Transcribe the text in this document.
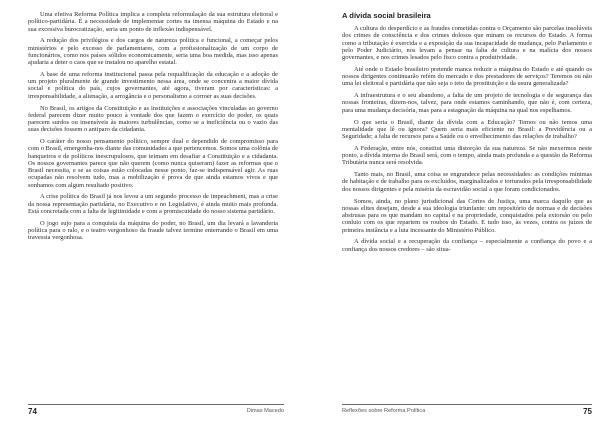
Uma efetiva Reforma Política implica a completa reformulação da sua estrutura eleitoral e político-partidária. É a necessidade de implementar cortes na imensa máquina do Estado e na sua excessiva burocratização, seria um ponto de inflexão indispensável.

A redução dos privilégios e dos cargos de natureza política e funcional, a começar pelos ministérios e pelo excesso de parlamentares, com a profissionalização de um corpo de funcionários, como nos países sólidos economicamente, seria uma boa medida, mas isso apenas ajudaria a deter o caos que se instalou no aparelho estatal.

A base de uma reforma institucional passa pela requalificação da educação e a adoção de um projeto pluralmente de grande investimento nessa área, onde se concentra a maior dívida social e política do país, cujos governantes, até agora, tiveram por características: a irresponsabilidade, a alienação, a arrogância e o personalismo a corroer as suas decisões.

No Brasil, os artigos da Constituição e as instituições e associações vinculadas ao governo federal parecem dizer muito pouco à vontade dos que fazem o exercício do poder, os quais parecem surdos ou insensíveis às maiores turbulências, como se a ineficiência ou o vazio das suas decisões fossem o antiparo da cidadania.

O caráter do nosso pensamento político, sempre dual e dependido de compromisso para com o Brasil, emergonha-nos diante das comunidades a que pertencemos. Somos uma colônia de banqueiros e de políticos inescrupulosos, que teimam em desafiar a Constituição e a cidadania. Os nossos governantes parece que não querem (como nunca quiseram) fazer as reformas que o Brasil necessita, e se as coisas estão colocadas nesse ponto, faz-se indispensável agir. As ruas ocupadas não resolvem tudo, mas a mobilização é prova de que ainda estamos vivos e que sonhamos com algum resultado positivo.

A crise política do Brasil já nos levou a um segundo processo de impeachment, mas a crise da nossa representação partidária, no Executivo e no Legislativo, é ainda muito mais profunda. Está concretada com a falta de legitimidade e com a promiscuidade do nosso sistema partidário.

O jogo sujo para a conquista da máquina do poder, no Brasil, um dia levará a lavanderia política para o ralo, e o teatro vergonhoso da fraude talvez termine enterrando o Brasil em uma travessia vergonhosa.

74	Dimas Macedo
A dívida social brasileira

A cultura do desperdício e as fraudes cometidas contra o Orçamento são parcelas insolúveis dos crimes de consciência e dos crimes dolosos que minam os recursos do Estado. A forma como a tributação é exercida e a exposição da sua incapacidade de mudança, pelo Parlamento e pelo Poder Judiciário, nos levam a pensar na falta de cultura e na malícia dos nossos governantes, e nos crimes lesados pelo fisco contra a produtividade.

Até onde o Estado brasileiro pretende manca reduzir a máquina do Estado e até quando os nossos dirigentes continuarão refém do mercado e dos prestadores de serviços? Teremos ou não uma lei eleitoral e partidária que não seja o teto da prostituição e da usura generalizada?

A infraestrutura e o seu abandono, a falta de um projeto de tecnologia e de segurança das nossas fronteiras, dizem-nos, talvez, para onde estamos caminhando, que não é, com certeza, para uma mudança decisória, mas para a estagnação da máquina na qual nos espelhamos.

O que seria o Brasil, diante da dívida com a Educação? Temos ou não temos uma mentalidade que lê ou ignora? Quem seria mais eficiente no Brasil: a Previdência ou a Seguridade; a falta de recursos para a Saúde ou o envelhecimento das relações de trabalho?

A Federação, entre nós, constitui uma distorção da sua natureza. Se não mexermos neste ponto, a dívida interna do Brasil será, com o tempo, ainda mais profunda e a questão da Reforma Tributária nunca será resolvida.

Tanto mais, no Brasil, uma coisa se engrandece pelas necessidades: as condições mínimas de habitação e de trabalho para os excluídos, marginalizados e torturados pela irresponsabilidade dos nossos dirigentes e pela miséria da escravidão social a que foram condicionados.

Somos, ainda, no plano jurisdicional das Cortes de Justiça, uma marca daquilo que as nossas elites desejam, desde a sua ideologia triunfante: um repositório de normas e de decisões abstrusas para os que mandam no capital e na propriedade, conquistados pela extorsão ou pelo conluio com os que repartem os roubos do Estado. E tudo isso, às vezes, contra os juízes de primeira instância e a luta incessante do Ministério Público.

A dívida social e a recuperação da confiança – especialmente a confiança do povo e a confiança dos nossos credores – são situa-

Reflexões sobre Reforma Política	75
